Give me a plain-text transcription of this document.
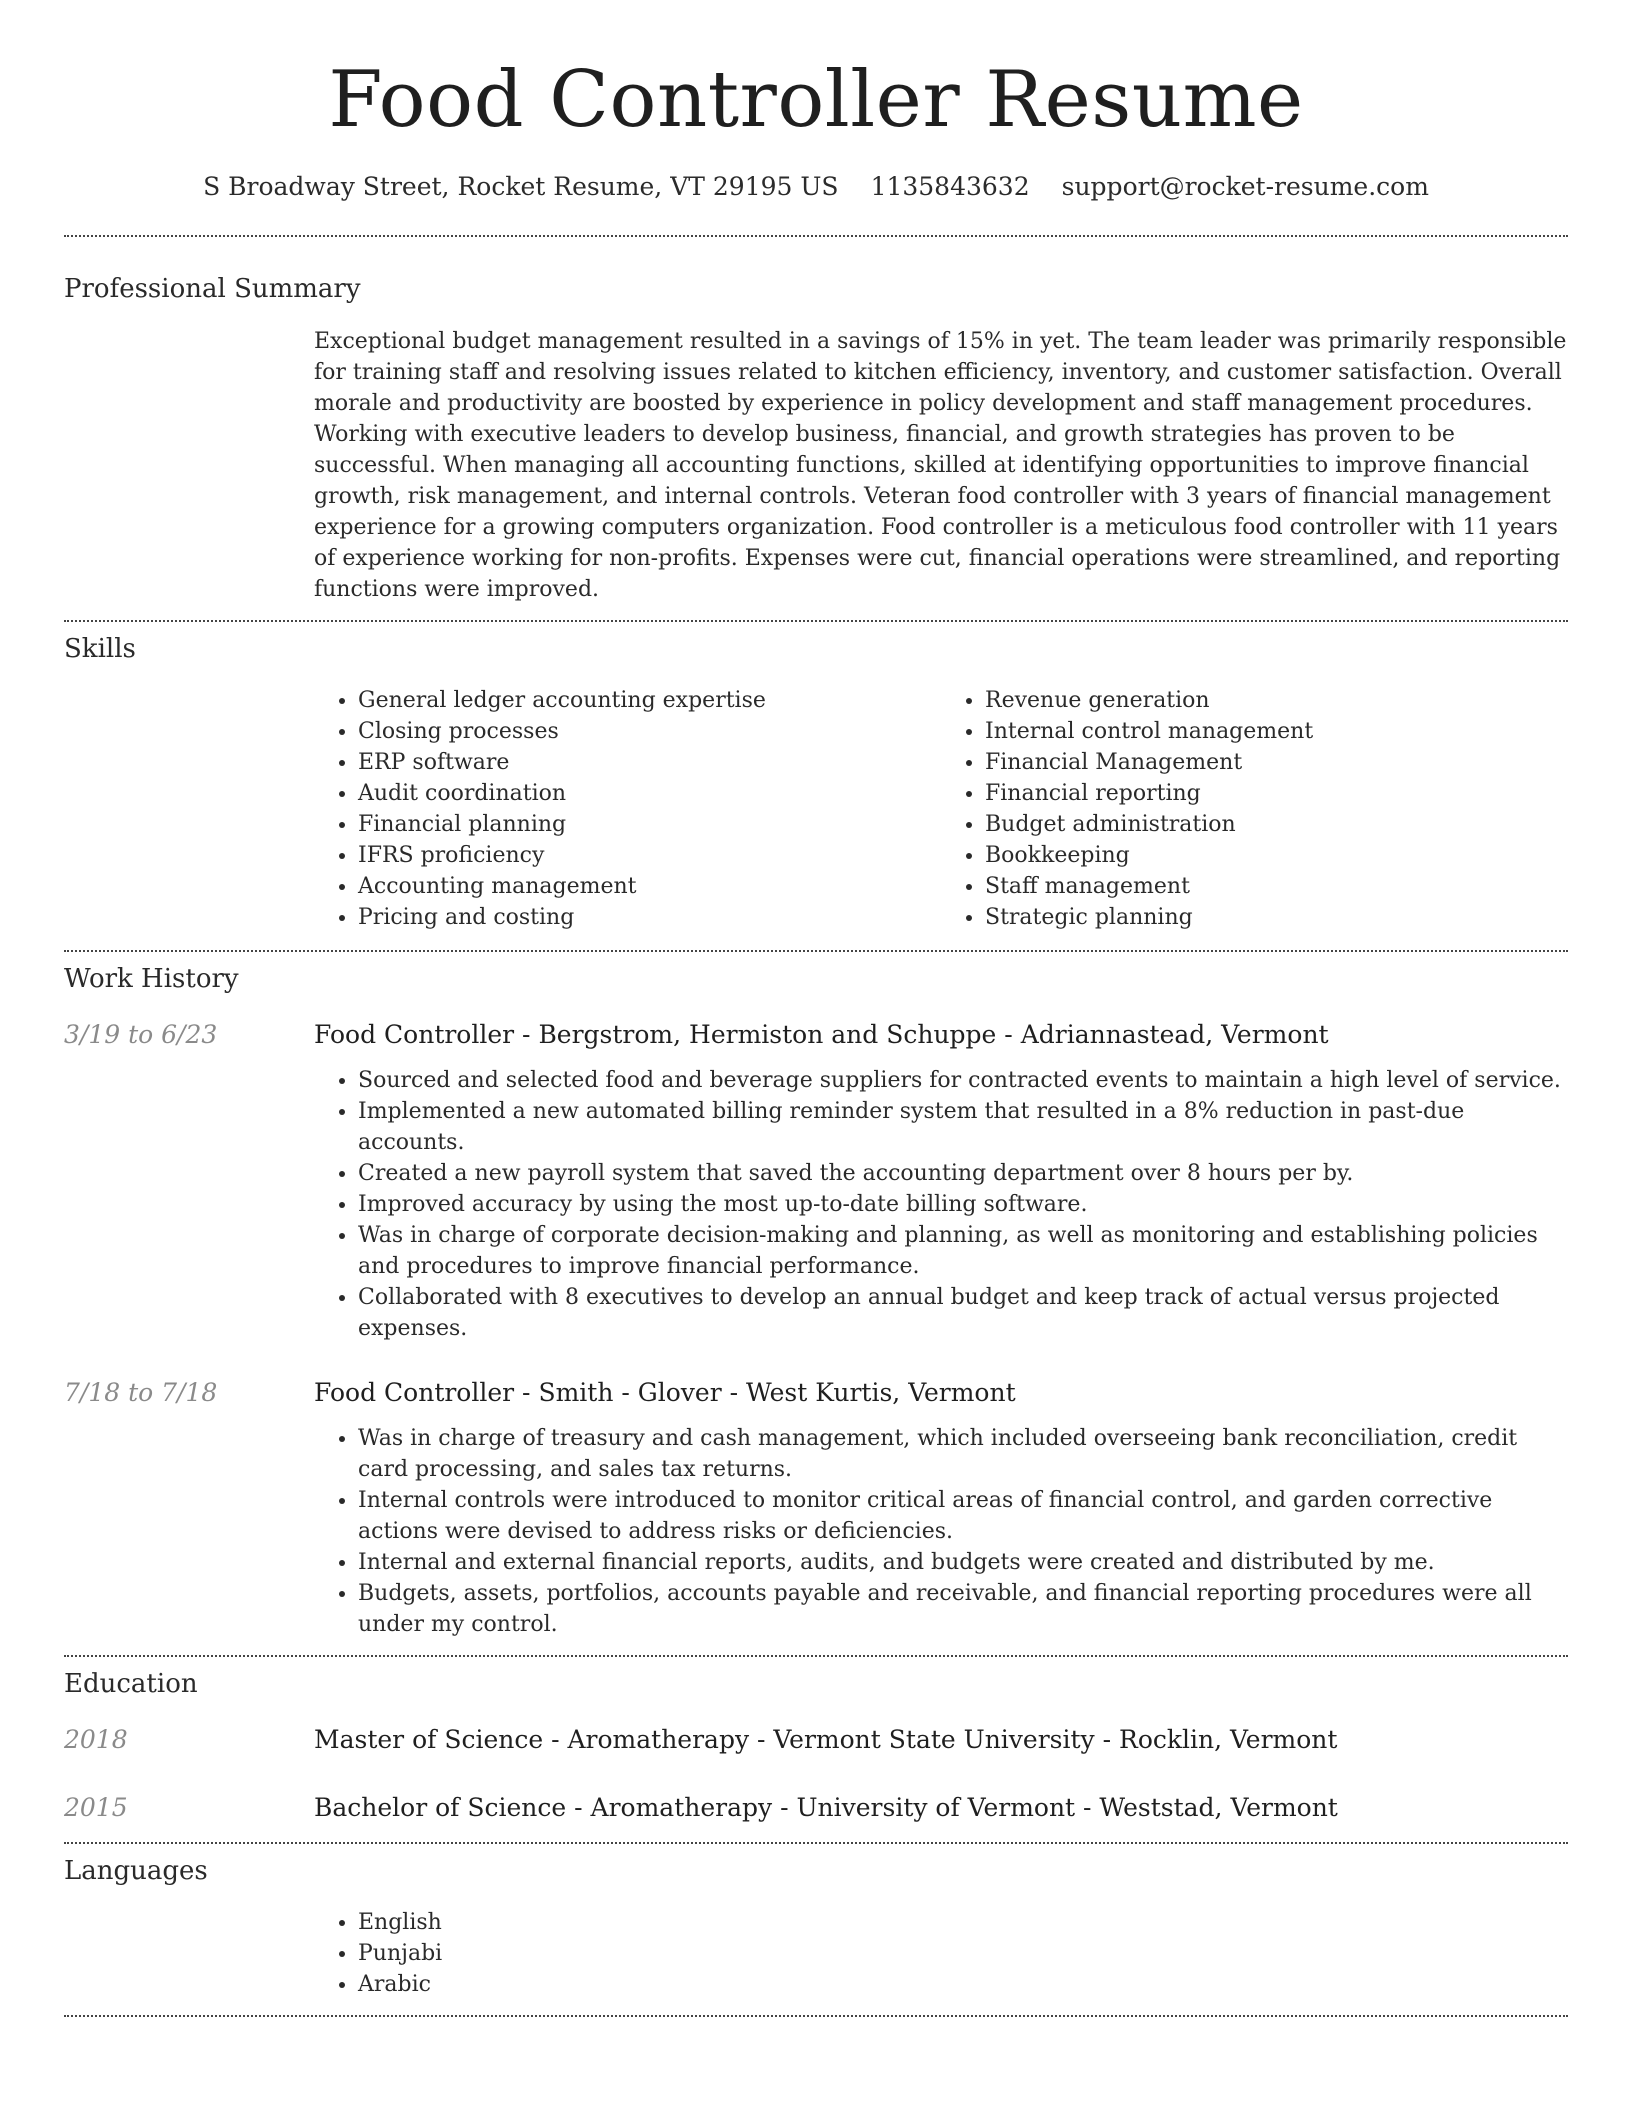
Food Controller Resume
S Broadway Street, Rocket Resume, VT 29195 US 1135843632 support@rocket-resume.com
Professional Summary

Exceptional budget management resulted in a savings of 15% in yet. The team leader was primarily responsible for training staff and resolving issues related to kitchen efficiency, inventory, and customer satisfaction. Overall morale and productivity are boosted by experience in policy development and staff management procedures. Working with executive leaders to develop business, financial, and growth strategies has proven to be successful. When managing all accounting functions, skilled at identifying opportunities to improve financial growth, risk management, and internal controls. Veteran food controller with 3 years of financial management experience for a growing computers organization. Food controller is a meticulous food controller with 11 years of experience working for non-profits. Expenses were cut, financial operations were streamlined, and reporting functions were improved.

Skills
• General ledger accounting expertise
• Closing processes
• ERP software
• Audit coordination
• Financial planning
• IFRS proficiency
• Accounting management
• Pricing and costing
• Revenue generation
• Internal control management
• Financial Management
• Financial reporting
• Budget administration
• Bookkeeping
• Staff management
• Strategic planning
Work History
3/19 to 6/23	Food Controller - Bergstrom, Hermiston and Schuppe - Adriannastead, Vermont
• Sourced and selected food and beverage suppliers for contracted events to maintain a high level of service.
• Implemented a new automated billing reminder system that resulted in a 8% reduction in past-due accounts.
• Created a new payroll system that saved the accounting department over 8 hours per by.
• Improved accuracy by using the most up-to-date billing software.
• Was in charge of corporate decision-making and planning, as well as monitoring and establishing policies and procedures to improve financial performance.
• Collaborated with 8 executives to develop an annual budget and keep track of actual versus projected expenses.
7/18 to 7/18	Food Controller - Smith - Glover - West Kurtis, Vermont
• Was in charge of treasury and cash management, which included overseeing bank reconciliation, credit card processing, and sales tax returns.
• Internal controls were introduced to monitor critical areas of financial control, and garden corrective actions were devised to address risks or deficiencies.
• Internal and external financial reports, audits, and budgets were created and distributed by me.
• Budgets, assets, portfolios, accounts payable and receivable, and financial reporting procedures were all under my control.
Education
2018	Master of Science - Aromatherapy - Vermont State University - Rocklin, Vermont
2015	Bachelor of Science - Aromatherapy - University of Vermont - Weststad, Vermont
Languages
• English
• Punjabi
• Arabic
